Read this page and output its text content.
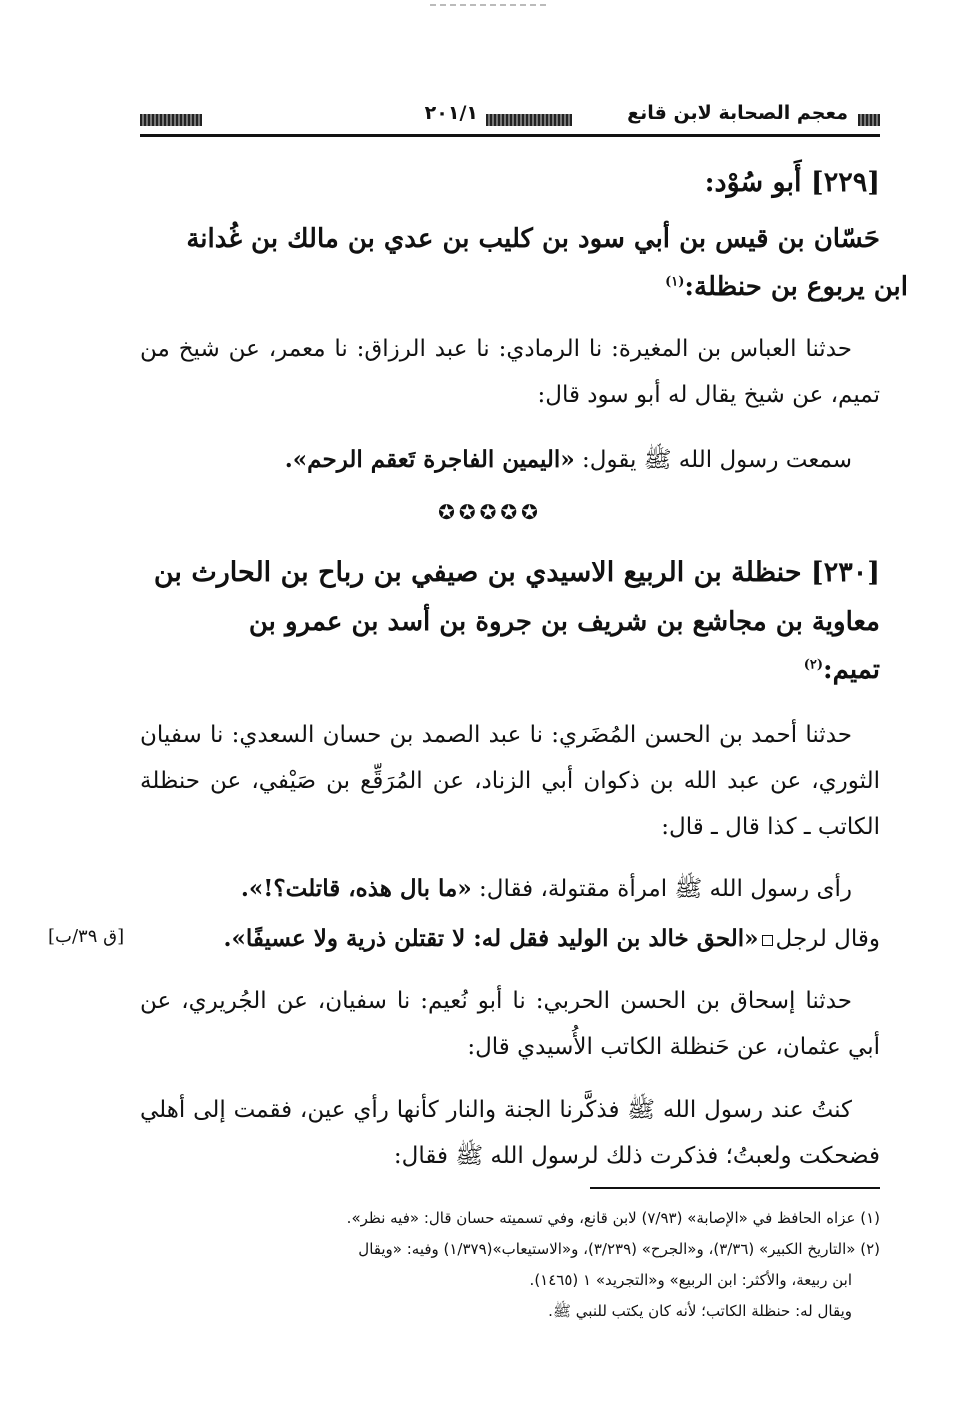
معجم الصحابة لابن قانع
٢٠١/١
[٢٢٩] أَبو سُوْد:
حَسّان بن قيس بن أبي سود بن كليب بن عدي بن مالك بن غُدانة
ابن يربوع بن حنظلة:$^{(١)}$
حدثنا العباس بن المغيرة: نا الرمادي: نا عبد الرزاق: نا معمر، عن شيخ من تميم، عن شيخ يقال له أبو سود قال:
سمعت رسول الله ﷺ يقول: «اليمين الفاجرة تَعقم الرحم».
✪✪✪✪✪
[٢٣٠] حنظلة بن الربيع الاسيدي بن صيفي بن رباح بن الحارث بن
معاوية بن مجاشع بن شريف بن جروة بن أسد بن عمرو بن
تميم:$^{(٢)}$
حدثنا أحمد بن الحسن المُضَري: نا عبد الصمد بن حسان السعدي: نا سفيان الثوري، عن عبد الله بن ذكوان أبي الزناد، عن المُرَقِّع بن صَيْفي، عن حنظلة الكاتب ـ كذا قال ـ قال:
رأى رسول الله ﷺ امرأة مقتولة، فقال: «ما بال هذه، قاتلت؟!».
وقال لرجل«الحق خالد بن الوليد فقل له: لا تقتلن ذرية ولا عسيفًا».
[ق ٣٩/ب]
حدثنا إسحاق بن الحسن الحربي: نا أبو نُعيم: نا سفيان، عن الجُريري، عن أبي عثمان، عن حَنظلة الكاتب الأُسيدي قال:
كنتُ عند رسول الله ﷺ فذكَّرنا الجنة والنار كأنها رأي عين، فقمت إلى أهلي فضحكت ولعبتُ؛ فذكرت ذلك لرسول الله ﷺ فقال:
(١) عزاه الحافظ في «الإصابة» (٧/٩٣) لابن قانع، وفي تسميته حسان قال: «فيه نظر».
(٢) «التاريخ الكبير» (٣/٣٦)، و«الجرح» (٣/٢٣٩)، و«الاستيعاب»(١/٣٧٩) وفيه: «ويقال
ابن ربيعة، والأكثر: ابن الربيع» و«التجريد» ١ (١٤٦٥).
ويقال له: حنظلة الكاتب؛ لأنه كان يكتب للنبي ﷺ.
